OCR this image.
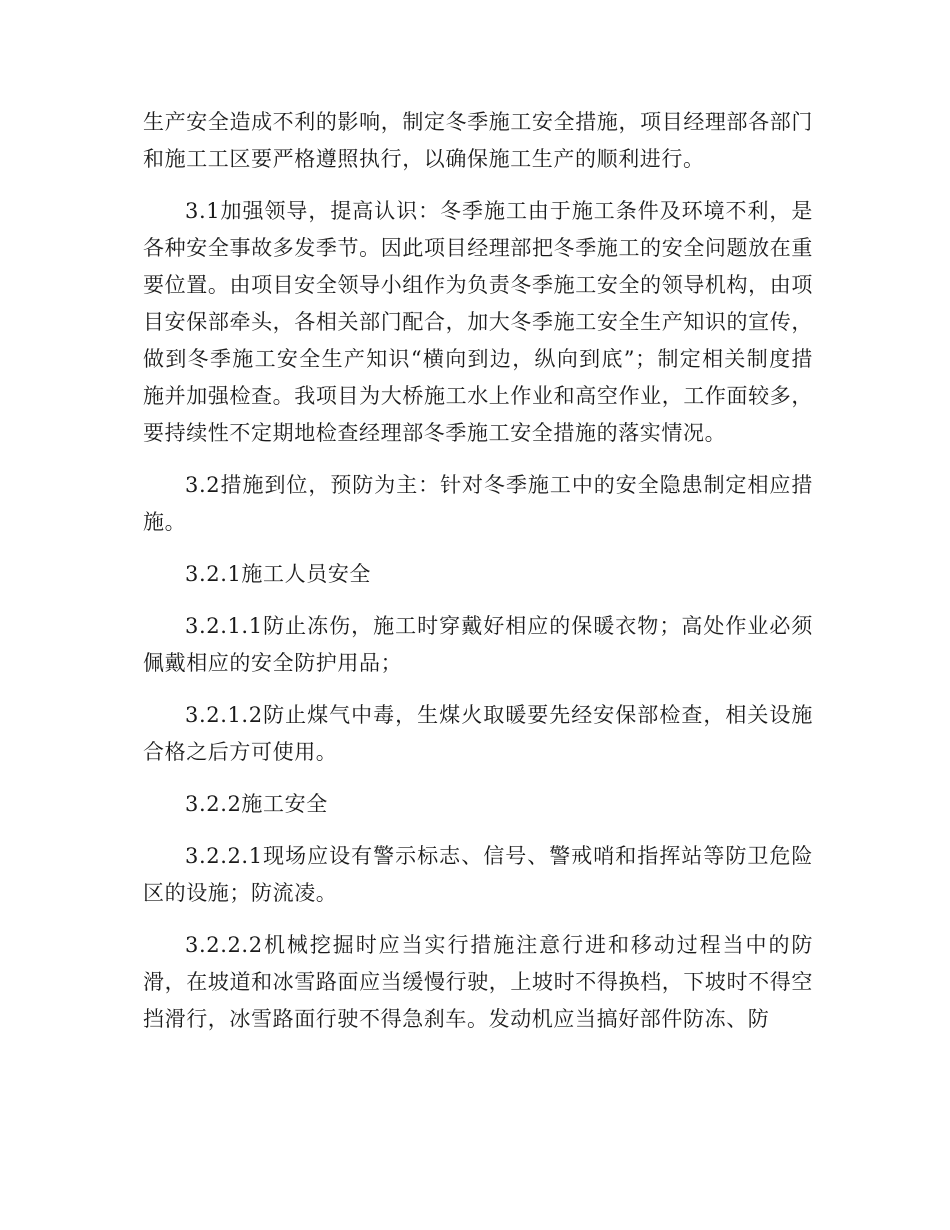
生产安全造成不利的影响，制定冬季施工安全措施，项目经理部各部门和施工工区要严格遵照执行，以确保施工生产的顺利进行。

3.1加强领导，提高认识：冬季施工由于施工条件及环境不利，是各种安全事故多发季节。因此项目经理部把冬季施工的安全问题放在重要位置。由项目安全领导小组作为负责冬季施工安全的领导机构，由项目安保部牵头，各相关部门配合，加大冬季施工安全生产知识的宣传，做到冬季施工安全生产知识“横向到边，纵向到底”；制定相关制度措施并加强检查。我项目为大桥施工水上作业和高空作业，工作面较多，要持续性不定期地检查经理部冬季施工安全措施的落实情况。

3.2措施到位，预防为主：针对冬季施工中的安全隐患制定相应措施。

3.2.1施工人员安全

3.2.1.1防止冻伤，施工时穿戴好相应的保暖衣物；高处作业必须佩戴相应的安全防护用品；

3.2.1.2防止煤气中毒，生煤火取暖要先经安保部检查，相关设施合格之后方可使用。

3.2.2施工安全

3.2.2.1现场应设有警示标志、信号、警戒哨和指挥站等防卫危险区的设施；防流凌。

3.2.2.2机械挖掘时应当实行措施注意行进和移动过程当中的防滑，在坡道和冰雪路面应当缓慢行驶，上坡时不得换档，下坡时不得空挡滑行，冰雪路面行驶不得急刹车。发动机应当搞好部件防冻、防
